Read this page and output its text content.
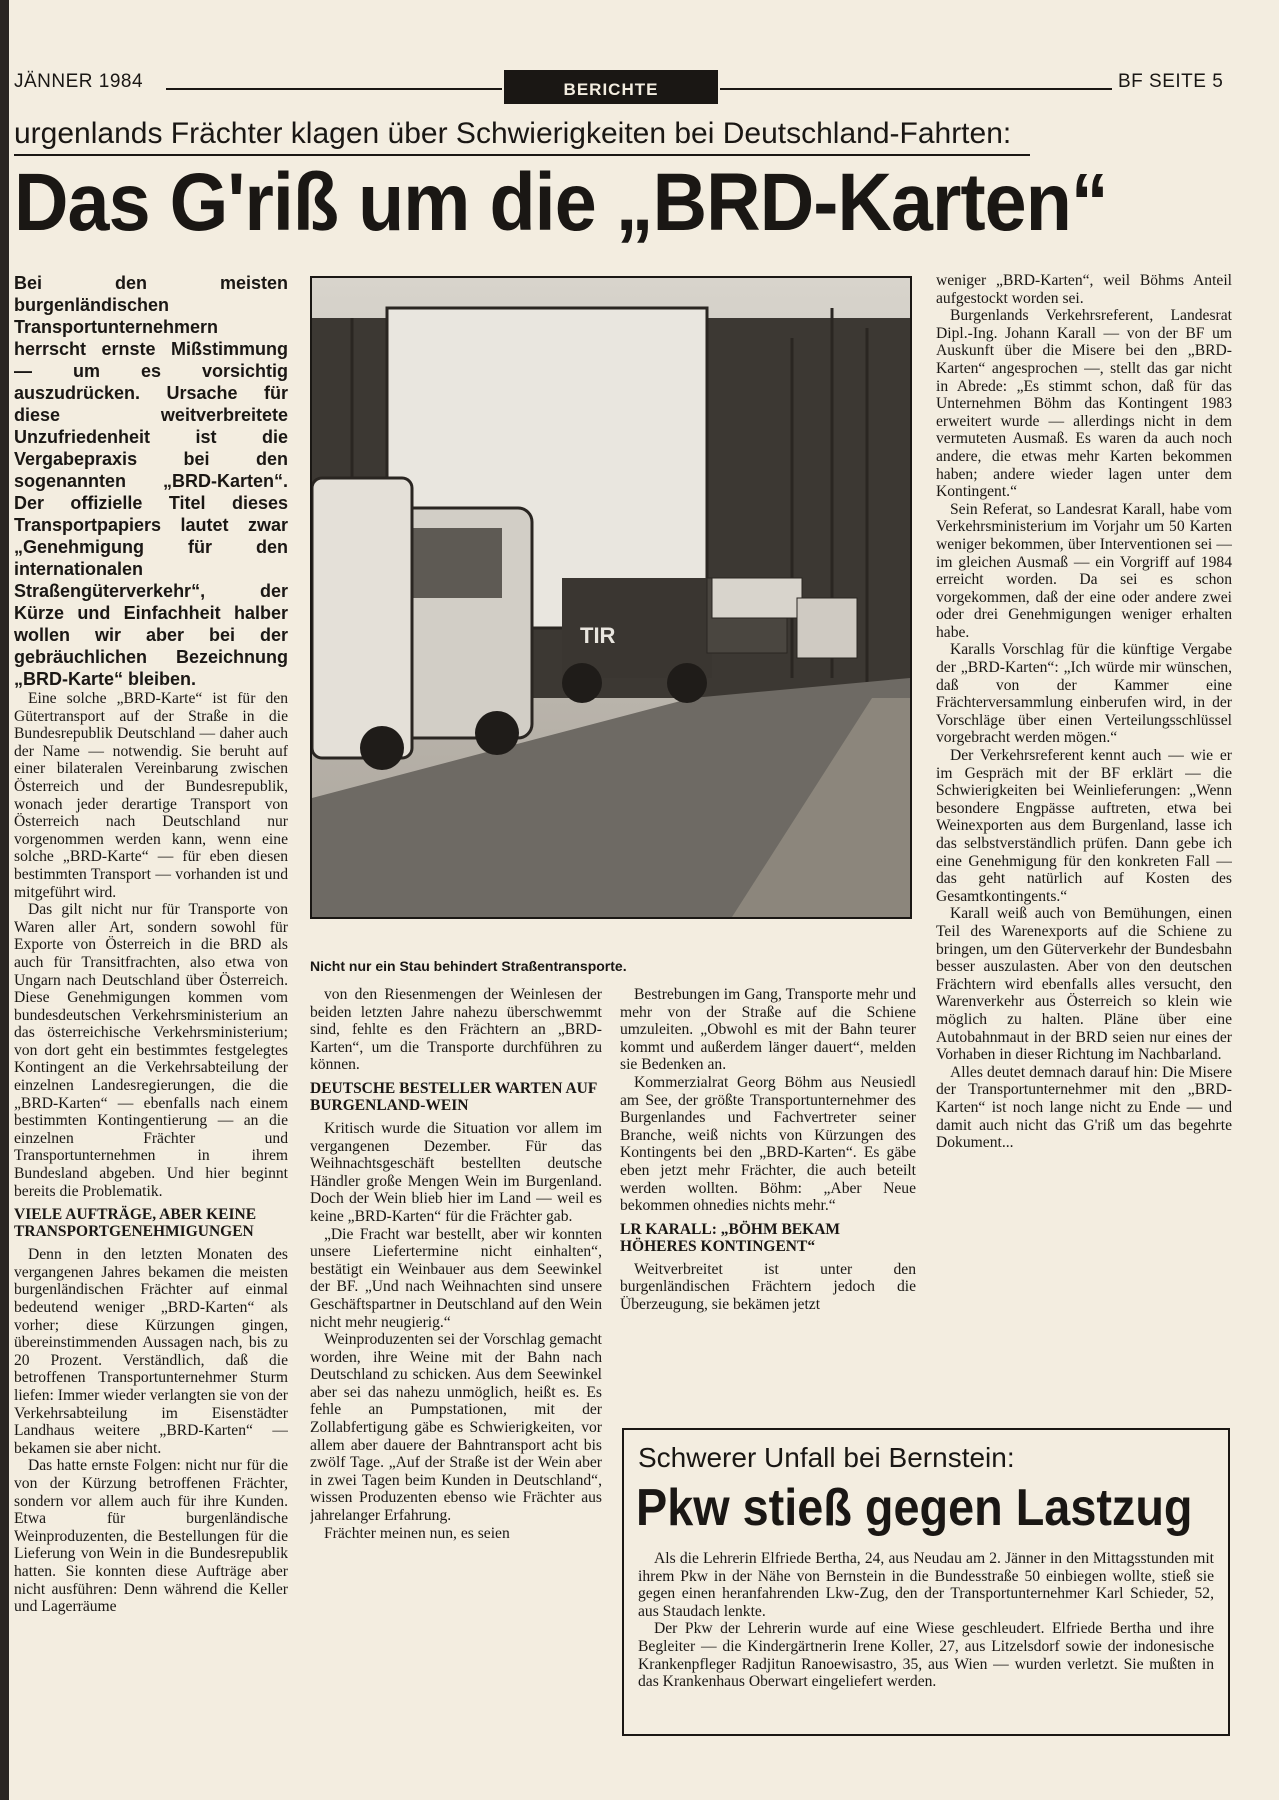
JÄNNER 1984	BERICHTE	BF SEITE 5
urgenlands Frächter klagen über Schwierigkeiten bei Deutschland-Fahrten:
Das G'riß um die „BRD-Karten“

Bei den meisten burgenländischen Transportunternehmern herrscht ernste Mißstimmung — um es vorsichtig auszudrücken. Ursache für diese weitverbreitete Unzufriedenheit ist die Vergabepraxis bei den sogenannten „BRD-Karten“. Der offizielle Titel dieses Transportpapiers lautet zwar „Genehmigung für den internationalen Straßengüterverkehr“, der Kürze und Einfachheit halber wollen wir aber bei der gebräuchlichen Bezeichnung „BRD-Karte“ bleiben.

Eine solche „BRD-Karte“ ist für den Gütertransport auf der Straße in die Bundesrepublik Deutschland — daher auch der Name — notwendig. Sie beruht auf einer bilateralen Vereinbarung zwischen Österreich und der Bundesrepublik, wonach jeder derartige Transport von Österreich nach Deutschland nur vorgenommen werden kann, wenn eine solche „BRD-Karte“ — für eben diesen bestimmten Transport — vorhanden ist und mitgeführt wird.

Das gilt nicht nur für Transporte von Waren aller Art, sondern sowohl für Exporte von Österreich in die BRD als auch für Transitfrachten, also etwa von Ungarn nach Deutschland über Österreich. Diese Genehmigungen kommen vom bundesdeutschen Verkehrsministerium an das österreichische Verkehrsministerium; von dort geht ein bestimmtes festgelegtes Kontingent an die Verkehrsabteilung der einzelnen Landesregierungen, die die „BRD-Karten“ — ebenfalls nach einem bestimmten Kontingentierung — an die einzelnen Frächter und Transportunternehmen in ihrem Bundesland abgeben. Und hier beginnt bereits die Problematik.

VIELE AUFTRÄGE, ABER KEINE TRANSPORTGENEHMIGUNGEN

Denn in den letzten Monaten des vergangenen Jahres bekamen die meisten burgenländischen Frächter auf einmal bedeutend weniger „BRD-Karten“ als vorher; diese Kürzungen gingen, übereinstimmenden Aussagen nach, bis zu 20 Prozent. Verständlich, daß die betroffenen Transportunternehmer Sturm liefen: Immer wieder verlangten sie von der Verkehrsabteilung im Eisenstädter Landhaus weitere „BRD-Karten“ — bekamen sie aber nicht.

Das hatte ernste Folgen: nicht nur für die von der Kürzung betroffenen Frächter, sondern vor allem auch für ihre Kunden. Etwa für burgenländische Weinproduzenten, die Bestellungen für die Lieferung von Wein in die Bundesrepublik hatten. Sie konnten diese Aufträge aber nicht ausführen: Denn während die Keller und Lagerräume

TIR
Nicht nur ein Stau behindert Straßentransporte.

von den Riesenmengen der Weinlesen der beiden letzten Jahre nahezu überschwemmt sind, fehlte es den Frächtern an „BRD-Karten“, um die Transporte durchführen zu können.

DEUTSCHE BESTELLER WARTEN AUF BURGENLAND-WEIN

Kritisch wurde die Situation vor allem im vergangenen Dezember. Für das Weihnachtsgeschäft bestellten deutsche Händler große Mengen Wein im Burgenland. Doch der Wein blieb hier im Land — weil es keine „BRD-Karten“ für die Frächter gab.

„Die Fracht war bestellt, aber wir konnten unsere Liefertermine nicht einhalten“, bestätigt ein Weinbauer aus dem Seewinkel der BF. „Und nach Weihnachten sind unsere Geschäftspartner in Deutschland auf den Wein nicht mehr neugierig.“

Weinproduzenten sei der Vorschlag gemacht worden, ihre Weine mit der Bahn nach Deutschland zu schicken. Aus dem Seewinkel aber sei das nahezu unmöglich, heißt es. Es fehle an Pumpstationen, mit der Zollabfertigung gäbe es Schwierigkeiten, vor allem aber dauere der Bahntransport acht bis zwölf Tage. „Auf der Straße ist der Wein aber in zwei Tagen beim Kunden in Deutschland“, wissen Produzenten ebenso wie Frächter aus jahrelanger Erfahrung.

Frächter meinen nun, es seien

Bestrebungen im Gang, Transporte mehr und mehr von der Straße auf die Schiene umzuleiten. „Obwohl es mit der Bahn teurer kommt und außerdem länger dauert“, melden sie Bedenken an.

Kommerzialrat Georg Böhm aus Neusiedl am See, der größte Transportunternehmer des Burgenlandes und Fachvertreter seiner Branche, weiß nichts von Kürzungen des Kontingents bei den „BRD-Karten“. Es gäbe eben jetzt mehr Frächter, die auch beteilt werden wollten. Böhm: „Aber Neue bekommen ohnedies nichts mehr.“

LR KARALL: „BÖHM BEKAM HÖHERES KONTINGENT“

Weitverbreitet ist unter den burgenländischen Frächtern jedoch die Überzeugung, sie bekämen jetzt

weniger „BRD-Karten“, weil Böhms Anteil aufgestockt worden sei.

Burgenlands Verkehrsreferent, Landesrat Dipl.-Ing. Johann Karall — von der BF um Auskunft über die Misere bei den „BRD-Karten“ angesprochen —, stellt das gar nicht in Abrede: „Es stimmt schon, daß für das Unternehmen Böhm das Kontingent 1983 erweitert wurde — allerdings nicht in dem vermuteten Ausmaß. Es waren da auch noch andere, die etwas mehr Karten bekommen haben; andere wieder lagen unter dem Kontingent.“

Sein Referat, so Landesrat Karall, habe vom Verkehrsministerium im Vorjahr um 50 Karten weniger bekommen, über Interventionen sei — im gleichen Ausmaß — ein Vorgriff auf 1984 erreicht worden. Da sei es schon vorgekommen, daß der eine oder andere zwei oder drei Genehmigungen weniger erhalten habe.

Karalls Vorschlag für die künftige Vergabe der „BRD-Karten“: „Ich würde mir wünschen, daß von der Kammer eine Frächterversammlung einberufen wird, in der Vorschläge über einen Verteilungsschlüssel vorgebracht werden mögen.“

Der Verkehrsreferent kennt auch — wie er im Gespräch mit der BF erklärt — die Schwierigkeiten bei Weinlieferungen: „Wenn besondere Engpässe auftreten, etwa bei Weinexporten aus dem Burgenland, lasse ich das selbstverständlich prüfen. Dann gebe ich eine Genehmigung für den konkreten Fall — das geht natürlich auf Kosten des Gesamtkontingents.“

Karall weiß auch von Bemühungen, einen Teil des Warenexports auf die Schiene zu bringen, um den Güterverkehr der Bundesbahn besser auszulasten. Aber von den deutschen Frächtern wird ebenfalls alles versucht, den Warenverkehr aus Österreich so klein wie möglich zu halten. Pläne über eine Autobahnmaut in der BRD seien nur eines der Vorhaben in dieser Richtung im Nachbarland.

Alles deutet demnach darauf hin: Die Misere der Transportunternehmer mit den „BRD-Karten“ ist noch lange nicht zu Ende — und damit auch nicht das G'riß um das begehrte Dokument...

Schwerer Unfall bei Bernstein:
Pkw stieß gegen Lastzug

Als die Lehrerin Elfriede Bertha, 24, aus Neudau am 2. Jänner in den Mittagsstunden mit ihrem Pkw in der Nähe von Bernstein in die Bundesstraße 50 einbiegen wollte, stieß sie gegen einen heranfahrenden Lkw-Zug, den der Transportunternehmer Karl Schieder, 52, aus Staudach lenkte.

Der Pkw der Lehrerin wurde auf eine Wiese geschleudert. Elfriede Bertha und ihre Begleiter — die Kindergärtnerin Irene Koller, 27, aus Litzelsdorf sowie der indonesische Krankenpfleger Radjitun Ranoewisastro, 35, aus Wien — wurden verletzt. Sie mußten in das Krankenhaus Oberwart eingeliefert werden.
